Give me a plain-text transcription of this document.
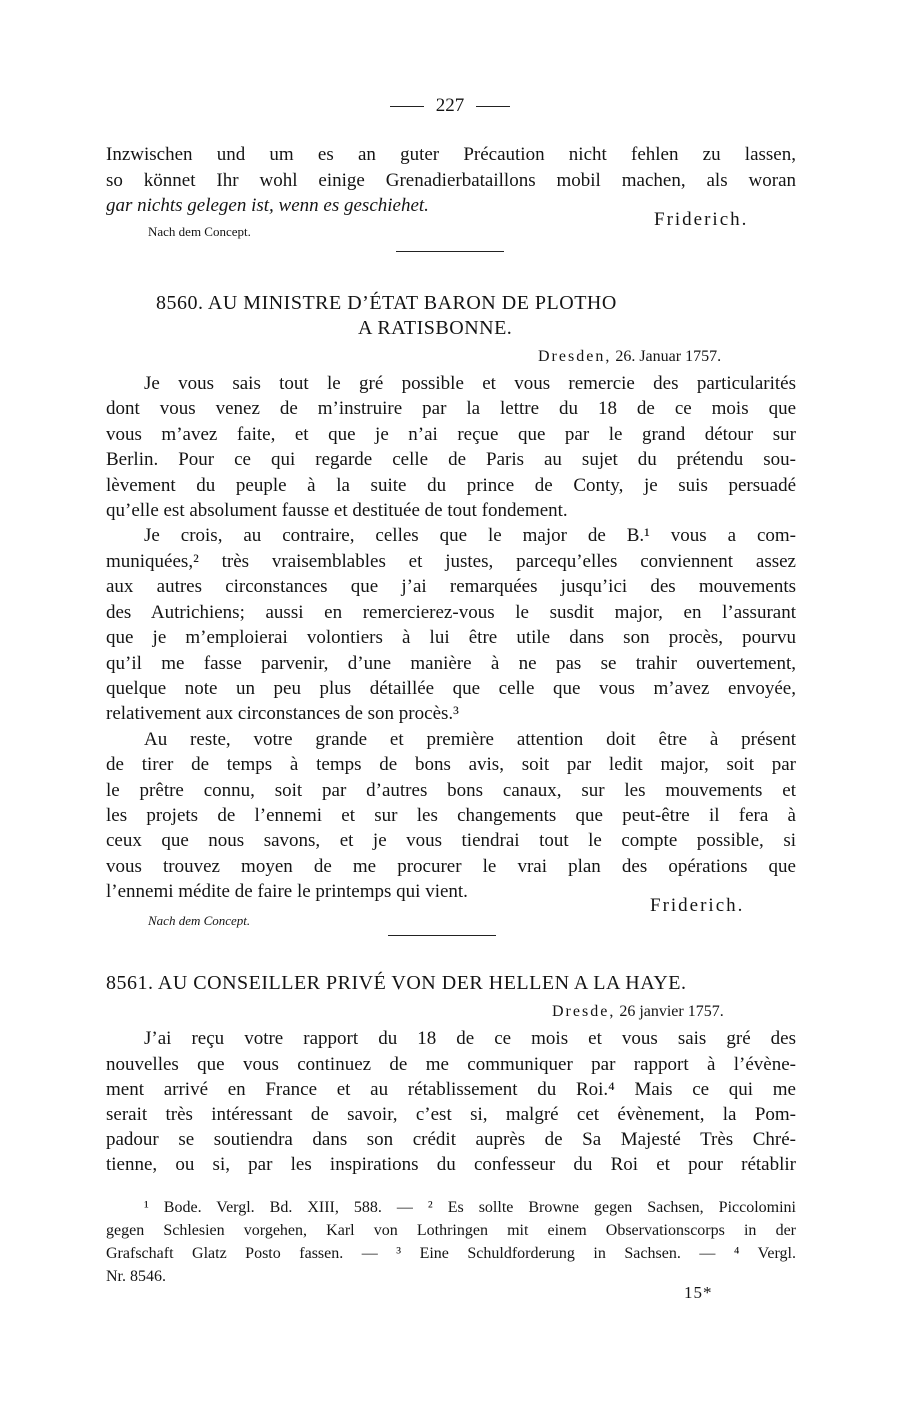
227
Inzwischen und um es an guter Précaution nicht fehlen zu lassen,
so könnet Ihr wohl einige Grenadierbataillons mobil machen, als woran
gar nichts gelegen ist, wenn es geschiehet.
Friderich.
Nach dem Concept.
8560. AU MINISTRE D’ÉTAT BARON DE PLOTHO
A RATISBONNE.
Dresden, 26. Januar 1757.
Je vous sais tout le gré possible et vous remercie des particularités
dont vous venez de m’instruire par la lettre du 18 de ce mois que
vous m’avez faite, et que je n’ai reçue que par le grand détour sur
Berlin. Pour ce qui regarde celle de Paris au sujet du prétendu sou-
lèvement du peuple à la suite du prince de Conty, je suis persuadé
qu’elle est absolument fausse et destituée de tout fondement.
Je crois, au contraire, celles que le major de B.¹ vous a com-
muniquées,² très vraisemblables et justes, parcequ’elles conviennent assez
aux autres circonstances que j’ai remarquées jusqu’ici des mouvements
des Autrichiens; aussi en remercierez-vous le susdit major, en l’assurant
que je m’emploierai volontiers à lui être utile dans son procès, pourvu
qu’il me fasse parvenir, d’une manière à ne pas se trahir ouvertement,
quelque note un peu plus détaillée que celle que vous m’avez envoyée,
relativement aux circonstances de son procès.³
Au reste, votre grande et première attention doit être à présent
de tirer de temps à temps de bons avis, soit par ledit major, soit par
le prêtre connu, soit par d’autres bons canaux, sur les mouvements et
les projets de l’ennemi et sur les changements que peut-être il fera à
ceux que nous savons, et je vous tiendrai tout le compte possible, si
vous trouvez moyen de me procurer le vrai plan des opérations que
l’ennemi médite de faire le printemps qui vient.
Friderich.
Nach dem Concept.
8561. AU CONSEILLER PRIVÉ VON DER HELLEN A LA HAYE.
Dresde, 26 janvier 1757.
J’ai reçu votre rapport du 18 de ce mois et vous sais gré des
nouvelles que vous continuez de me communiquer par rapport à l’évène-
ment arrivé en France et au rétablissement du Roi.⁴ Mais ce qui me
serait très intéressant de savoir, c’est si, malgré cet évènement, la Pom-
padour se soutiendra dans son crédit auprès de Sa Majesté Très Chré-
tienne, ou si, par les inspirations du confesseur du Roi et pour rétablir
¹ Bode. Vergl. Bd. XIII, 588. — ² Es sollte Browne gegen Sachsen, Piccolomini
gegen Schlesien vorgehen, Karl von Lothringen mit einem Observationscorps in der
Grafschaft Glatz Posto fassen. — ³ Eine Schuldforderung in Sachsen. — ⁴ Vergl.
Nr. 8546.
15*
